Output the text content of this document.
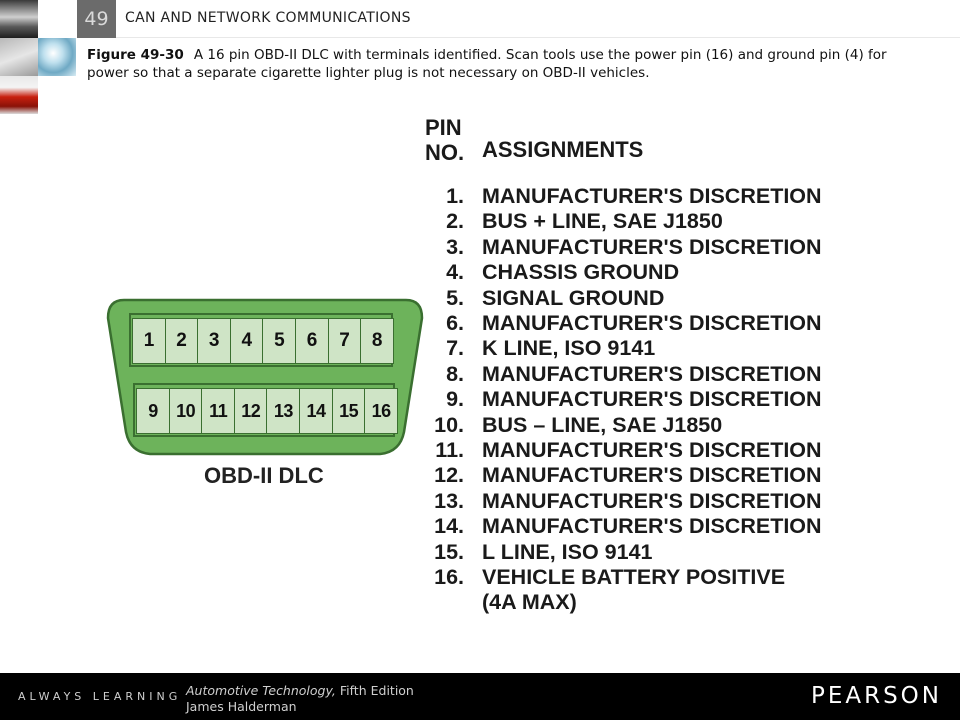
49	CAN AND NETWORK COMMUNICATIONS
Figure 49-30 A 16 pin OBD-II DLC with terminals identified. Scan tools use the power pin (16) and ground pin (4) for power so that a separate cigarette lighter plug is not necessary on OBD-II vehicles.
1	2	3	4	5	6	7	8
9	10 11 12 13 14 15 16
OBD-II DLC
PIN
NO. ASSIGNMENTS
1. MANUFACTURER'S DISCRETION
2. BUS + LINE, SAE J1850
3. MANUFACTURER'S DISCRETION
4. CHASSIS GROUND
5. SIGNAL GROUND
6. MANUFACTURER'S DISCRETION
7. K LINE, ISO 9141
8. MANUFACTURER'S DISCRETION
9. MANUFACTURER'S DISCRETION
10. BUS – LINE, SAE J1850
11. MANUFACTURER'S DISCRETION
12. MANUFACTURER'S DISCRETION
13. MANUFACTURER'S DISCRETION
14. MANUFACTURER'S DISCRETION
15. L LINE, ISO 9141
16. VEHICLE BATTERY POSITIVE
(4A MAX)
ALWAYS LEARNING Automotive Technology, Fifth Edition
James Halderman	PEARSON
